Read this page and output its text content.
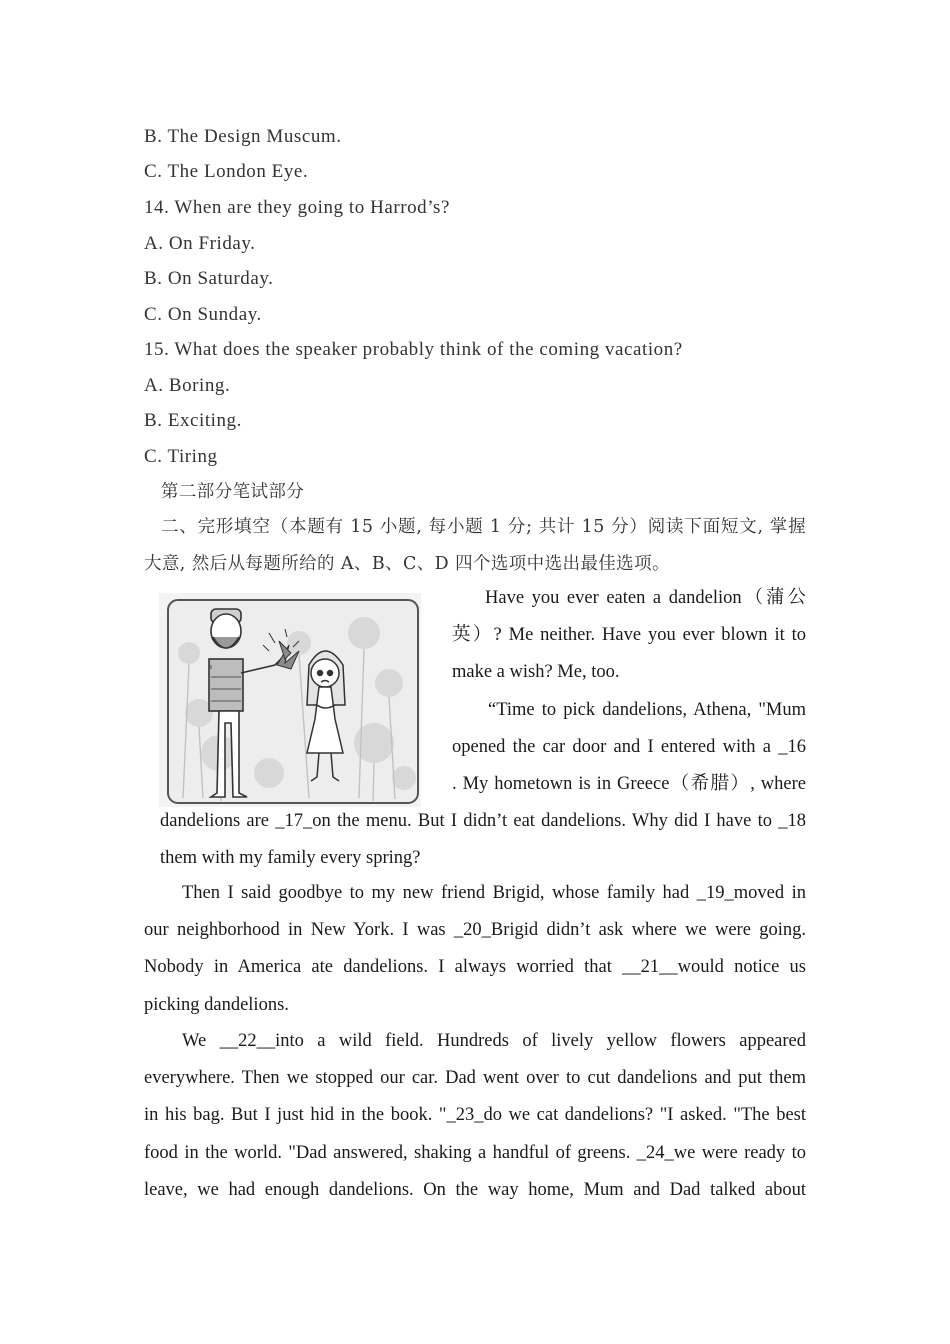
B. The Design Muscum.
C. The London Eye.
14. When are they going to Harrod’s?
A. On Friday.
B. On Saturday.
C. On Sunday.
15. What does the speaker probably think of the coming vacation?
A. Boring.
B. Exciting.
C. Tiring
第二部分笔试部分
二、完形填空（本题有 15 小题, 每小题 1 分; 共计 15 分）阅读下面短文, 掌握
大意, 然后从每题所给的 A、B、C、D 四个选项中选出最佳选项。

Have you ever eaten a dandelion（蒲公

英）? Me neither. Have you ever blown it to

make a wish? Me, too.

“Time to pick dandelions, Athena, "Mum

opened the car door and I entered with a _16

. My hometown is in Greece（希腊）, where

dandelions are _17_on the menu. But I didn’t eat dandelions. Why did I have to _18

them with my family every spring?

Then I said goodbye to my new friend Brigid, whose family had _19_moved in

our neighborhood in New York. I was _20_Brigid didn’t ask where we were going.

Nobody in America ate dandelions. I always worried that __21__would notice us

picking dandelions.

We __22__into a wild field. Hundreds of lively yellow flowers appeared

everywhere. Then we stopped our car. Dad went over to cut dandelions and put them

in his bag. But I just hid in the book. "_23_do we cat dandelions? "I asked. "The best

food in the world. "Dad answered, shaking a handful of greens. _24_we were ready to

leave, we had enough dandelions. On the way home, Mum and Dad talked about
